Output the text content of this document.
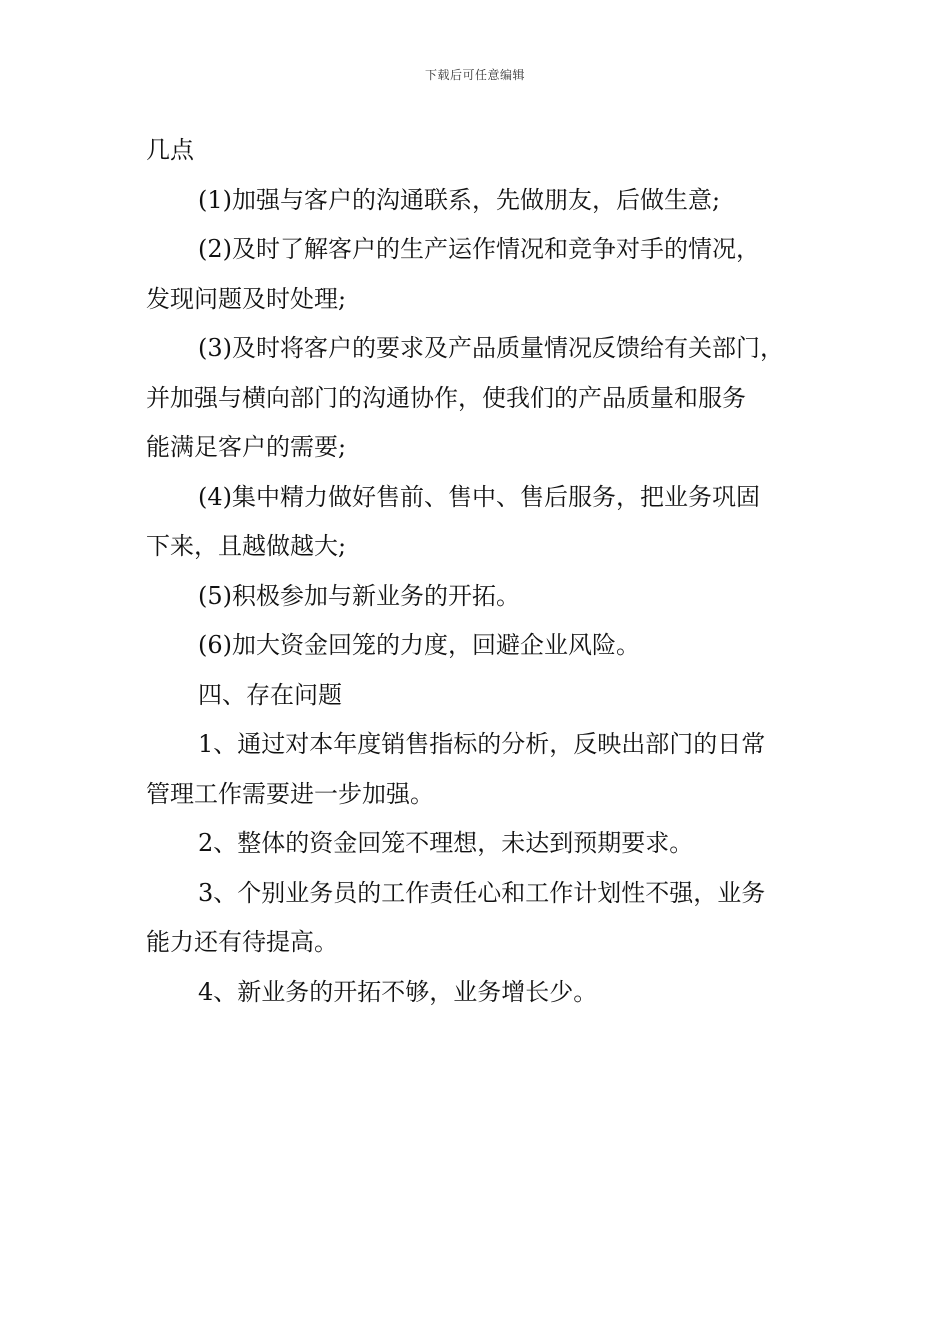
下载后可任意编辑

几点

(1)加强与客户的沟通联系，先做朋友，后做生意;

(2)及时了解客户的生产运作情况和竞争对手的情况，

发现问题及时处理;

(3)及时将客户的要求及产品质量情况反馈给有关部门，

并加强与横向部门的沟通协作，使我们的产品质量和服务

能满足客户的需要;

(4)集中精力做好售前、售中、售后服务，把业务巩固

下来，且越做越大;

(5)积极参加与新业务的开拓。

(6)加大资金回笼的力度，回避企业风险。

四、存在问题

1、通过对本年度销售指标的分析，反映出部门的日常

管理工作需要进一步加强。

2、整体的资金回笼不理想，未达到预期要求。

3、个别业务员的工作责任心和工作计划性不强，业务

能力还有待提高。

4、新业务的开拓不够，业务增长少。
